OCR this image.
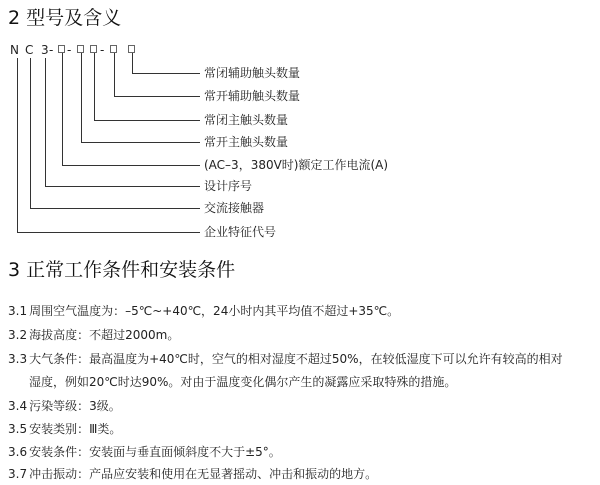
2 型号及含义
N C 3 - - -
常闭辅助触头数量
常开辅助触头数量
常闭主触头数量
常开主触头数量
(AC–3，380V时)额定工作电流(A)
设计序号
交流接触器
企业特征代号
3 正常工作条件和安装条件
3.1 周围空气温度为：–5℃~+40℃，24小时内其平均值不超过+35℃。
3.2 海拔高度：不超过2000m。
3.3 大气条件：最高温度为+40℃时，空气的相对湿度不超过50%，在较低湿度下可以允许有较高的相对
湿度，例如20℃时达90%。对由于温度变化偶尔产生的凝露应采取特殊的措施。
3.4 污染等级：3级。
3.5 安装类别：Ⅲ类。
3.6 安装条件：安装面与垂直面倾斜度不大于±5°。
3.7 冲击振动：产品应安装和使用在无显著摇动、冲击和振动的地方。
